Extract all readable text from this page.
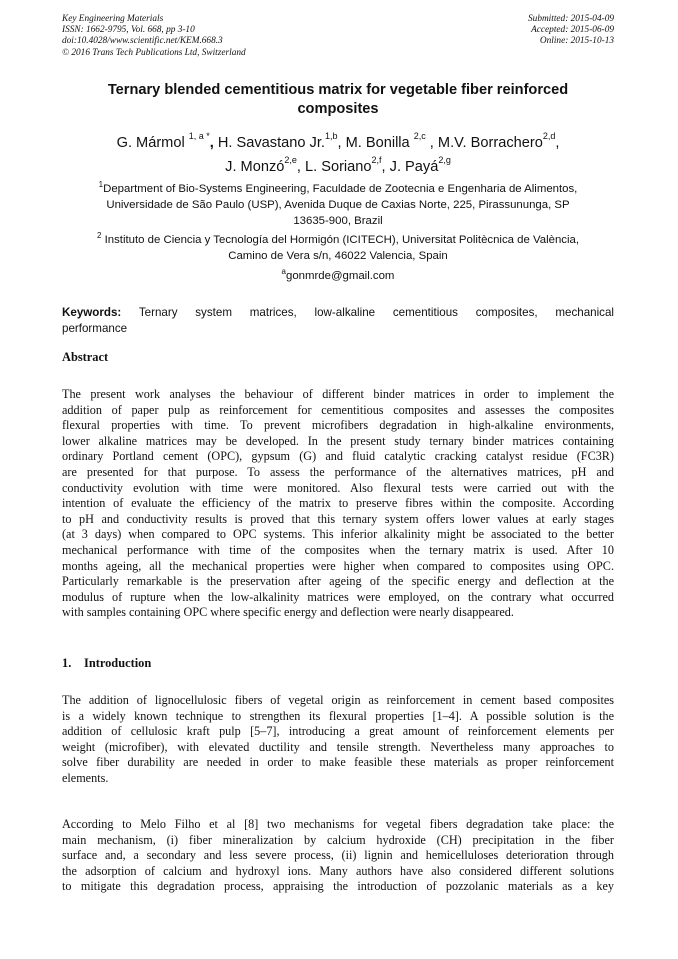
Key Engineering Materials
ISSN: 1662-9795, Vol. 668, pp 3-10
doi:10.4028/www.scientific.net/KEM.668.3
© 2016 Trans Tech Publications Ltd, Switzerland
Submitted: 2015-04-09
Accepted: 2015-06-09
Online: 2015-10-13
Ternary blended cementitious matrix for vegetable fiber reinforced
composites
G. Mármol $^{1, a *}$, H. Savastano Jr.$^{1,b}$, M. Bonilla $^{2,c}$ , M.V. Borrachero$^{2,d}$,
J. Monzó$^{2,e}$, L. Soriano$^{2,f}$, J. Payá$^{2,g}$
$^1$Department of Bio-Systems Engineering, Faculdade de Zootecnia e Engenharia de Alimentos,
Universidade de São Paulo (USP), Avenida Duque de Caxias Norte, 225, Pirassununga, SP
13635-900, Brazil
$^2$ Instituto de Ciencia y Tecnología del Hormigón (ICITECH), Universitat Politècnica de València,
Camino de Vera s/n, 46022 Valencia, Spain
$^a$gonmrde@gmail.com
Keywords: Ternary system matrices, low-alkaline cementitious composites, mechanical
performance
Abstract
The present work analyses the behaviour of different binder matrices in order to implement the
addition of paper pulp as reinforcement for cementitious composites and assesses the composites
flexural properties with time. To prevent microfibers degradation in high-alkaline environments,
lower alkaline matrices may be developed. In the present study ternary binder matrices containing
ordinary Portland cement (OPC), gypsum (G) and fluid catalytic cracking catalyst residue (FC3R)
are presented for that purpose. To assess the performance of the alternatives matrices, pH and
conductivity evolution with time were monitored. Also flexural tests were carried out with the
intention of evaluate the efficiency of the matrix to preserve fibres within the composite. According
to pH and conductivity results is proved that this ternary system offers lower values at early stages
(at 3 days) when compared to OPC systems. This inferior alkalinity might be associated to the better
mechanical performance with time of the composites when the ternary matrix is used. After 10
months ageing, all the mechanical properties were higher when compared to composites using OPC.
Particularly remarkable is the preservation after ageing of the specific energy and deflection at the
modulus of rupture when the low-alkalinity matrices were employed, on the contrary what occurred
with samples containing OPC where specific energy and deflection were nearly disappeared.
1. Introduction
The addition of lignocellulosic fibers of vegetal origin as reinforcement in cement based composites
is a widely known technique to strengthen its flexural properties [1–4]. A possible solution is the
addition of cellulosic kraft pulp [5–7], introducing a great amount of reinforcement elements per
weight (microfiber), with elevated ductility and tensile strength. Nevertheless many approaches to
solve fiber durability are needed in order to make feasible these materials as proper reinforcement
elements.
According to Melo Filho et al [8] two mechanisms for vegetal fibers degradation take place: the
main mechanism, (i) fiber mineralization by calcium hydroxide (CH) precipitation in the fiber
surface and, a secondary and less severe process, (ii) lignin and hemicelluloses deterioration through
the adsorption of calcium and hydroxyl ions. Many authors have also considered different solutions
to mitigate this degradation process, appraising the introduction of pozzolanic materials as a key
